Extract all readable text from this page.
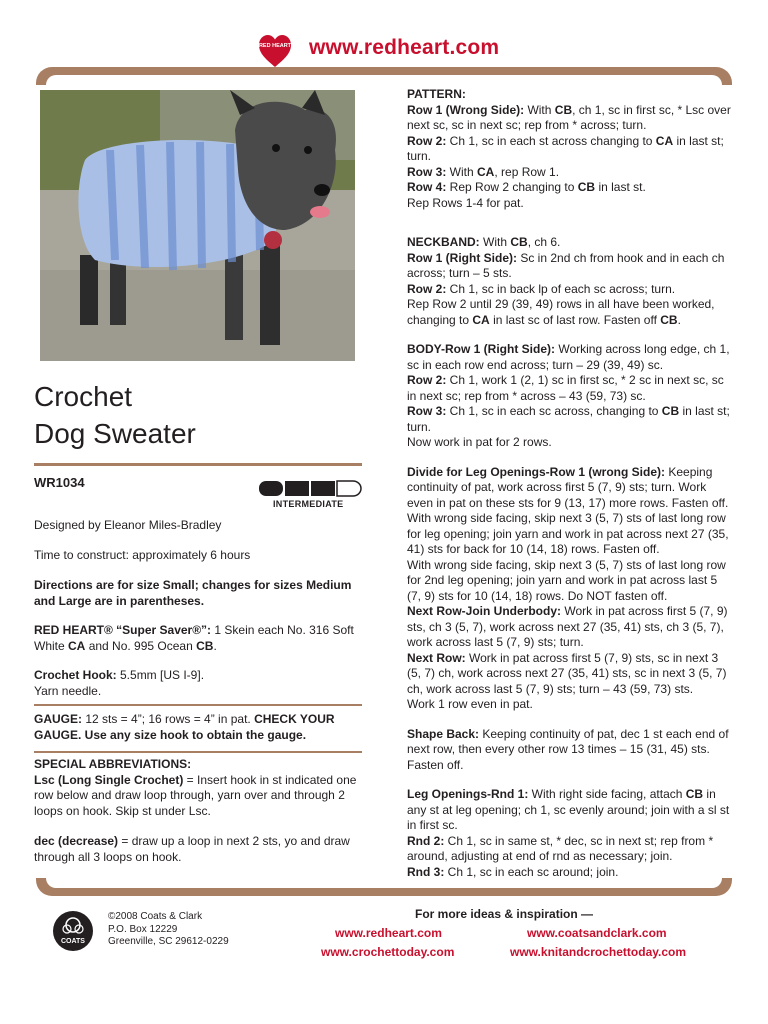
RED HEART www.redheart.com
Crochet
Dog Sweater
WR1034
INTERMEDIATE
Designed by Eleanor Miles-Bradley
Time to construct: approximately 6 hours
Directions are for size Small; changes for sizes Medium and Large are in parentheses.
RED HEART® “Super Saver®”: 1 Skein each No. 316 Soft White CA and No. 995 Ocean CB.
Crochet Hook: 5.5mm [US I-9].
Yarn needle.
GAUGE: 12 sts = 4”; 16 rows = 4” in pat. CHECK YOUR GAUGE. Use any size hook to obtain the gauge.
SPECIAL ABBREVIATIONS:
Lsc (Long Single Crochet) = Insert hook in st indicated one row below and draw loop through, yarn over and through 2 loops on hook. Skip st under Lsc.
dec (decrease) = draw up a loop in next 2 sts, yo and draw through all 3 loops on hook.

PATTERN:
Row 1 (Wrong Side): With CB, ch 1, sc in first sc, * Lsc over next sc, sc in next sc; rep from * across; turn.
Row 2: Ch 1, sc in each st across changing to CA in last st; turn.
Row 3: With CA, rep Row 1.
Row 4: Rep Row 2 changing to CB in last st.
Rep Rows 1-4 for pat.

NECKBAND: With CB, ch 6.
Row 1 (Right Side): Sc in 2nd ch from hook and in each ch across; turn – 5 sts.
Row 2: Ch 1, sc in back lp of each sc across; turn.
Rep Row 2 until 29 (39, 49) rows in all have been worked, changing to CA in last sc of last row. Fasten off CB.

BODY-Row 1 (Right Side): Working across long edge, ch 1, sc in each row end across; turn – 29 (39, 49) sc.
Row 2: Ch 1, work 1 (2, 1) sc in first sc, * 2 sc in next sc, sc in next sc; rep from * across – 43 (59, 73) sc.
Row 3: Ch 1, sc in each sc across, changing to CB in last st; turn.
Now work in pat for 2 rows.

Divide for Leg Openings-Row 1 (wrong Side): Keeping continuity of pat, work across first 5 (7, 9) sts; turn. Work even in pat on these sts for 9 (13, 17) more rows. Fasten off.
With wrong side facing, skip next 3 (5, 7) sts of last long row for leg opening; join yarn and work in pat across next 27 (35, 41) sts for back for 10 (14, 18) rows. Fasten off.
With wrong side facing, skip next 3 (5, 7) sts of last long row for 2nd leg opening; join yarn and work in pat across last 5 (7, 9) sts for 10 (14, 18) rows. Do NOT fasten off.
Next Row-Join Underbody: Work in pat across first 5 (7, 9) sts, ch 3 (5, 7), work across next 27 (35, 41) sts, ch 3 (5, 7), work across last 5 (7, 9) sts; turn.
Next Row: Work in pat across first 5 (7, 9) sts, sc in next 3 (5, 7) ch, work across next 27 (35, 41) sts, sc in next 3 (5, 7) ch, work across last 5 (7, 9) sts; turn – 43 (59, 73) sts.
Work 1 row even in pat.

Shape Back: Keeping continuity of pat, dec 1 st each end of next row, then every other row 13 times – 15 (31, 45) sts. Fasten off.

Leg Openings-Rnd 1: With right side facing, attach CB in any st at leg opening; ch 1, sc evenly around; join with a sl st in first sc.
Rnd 2: Ch 1, sc in same st, * dec, sc in next st; rep from * around, adjusting at end of rnd as necessary; join.
Rnd 3: Ch 1, sc in each sc around; join.

COATS
©2008 Coats & Clark
P.O. Box 12229
Greenville, SC 29612-0229
For more ideas & inspiration —
www.redheart.com	www.coatsandclark.com
www.crochettoday.com	www.knitandcrochettoday.com
